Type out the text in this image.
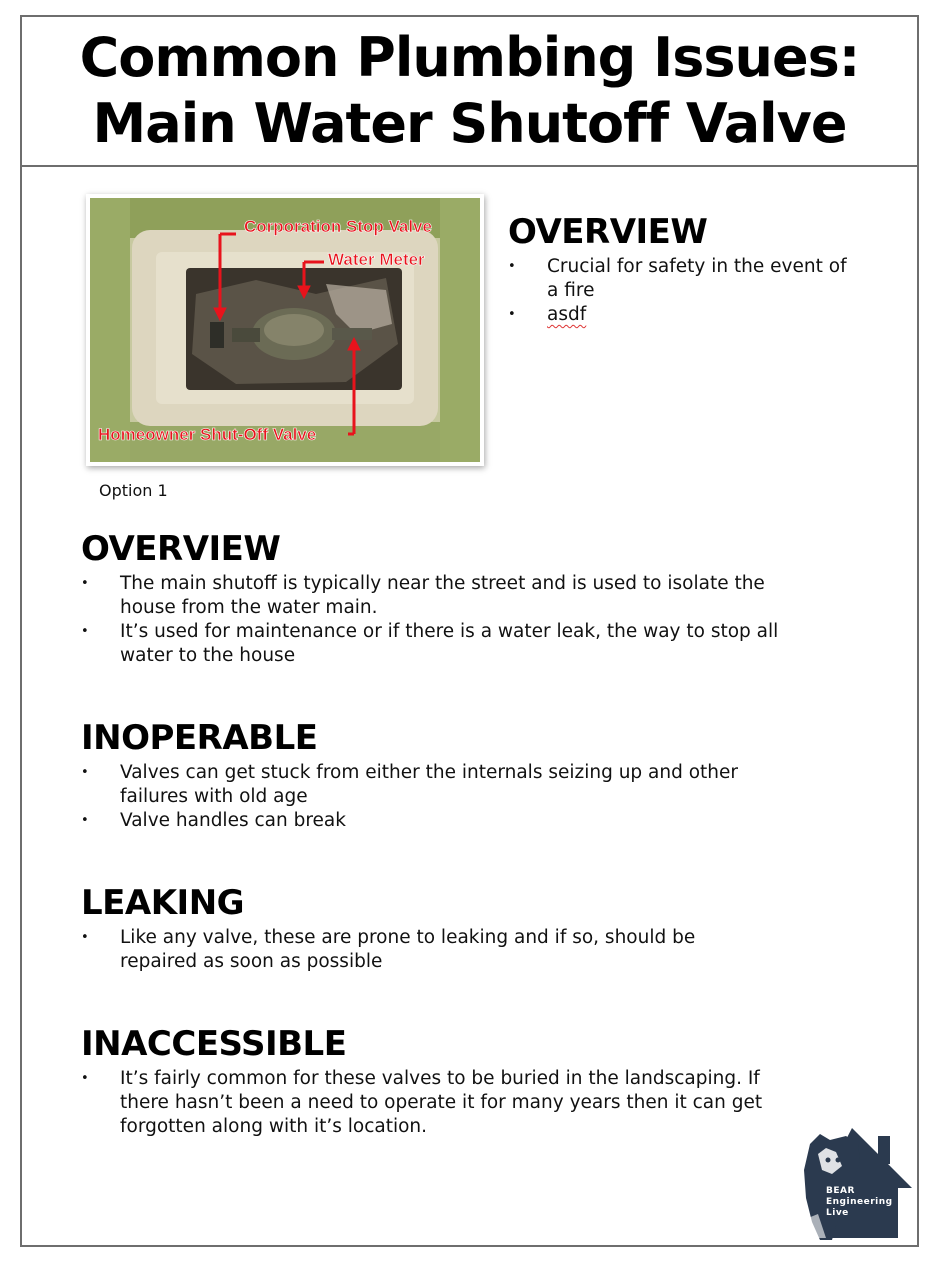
Common Plumbing Issues:
Main Water Shutoff Valve
Corporation Stop Valve
Water Meter
Homeowner Shut-Off Valve
Option 1
OVERVIEW
• Crucial for safety in the event of a fire
• asdf
OVERVIEW
• The main shutoff is typically near the street and is used to isolate the house from the water main.
• It’s used for maintenance or if there is a water leak, the way to stop all water to the house
INOPERABLE
• Valves can get stuck from either the internals seizing up and other failures with old age
• Valve handles can break
LEAKING
• Like any valve, these are prone to leaking and if so, should be repaired as soon as possible
INACCESSIBLE
• It’s fairly common for these valves to be buried in the landscaping. If there hasn’t been a need to operate it for many years then it can get forgotten along with it’s location.
BEAR
Engineering
Live
